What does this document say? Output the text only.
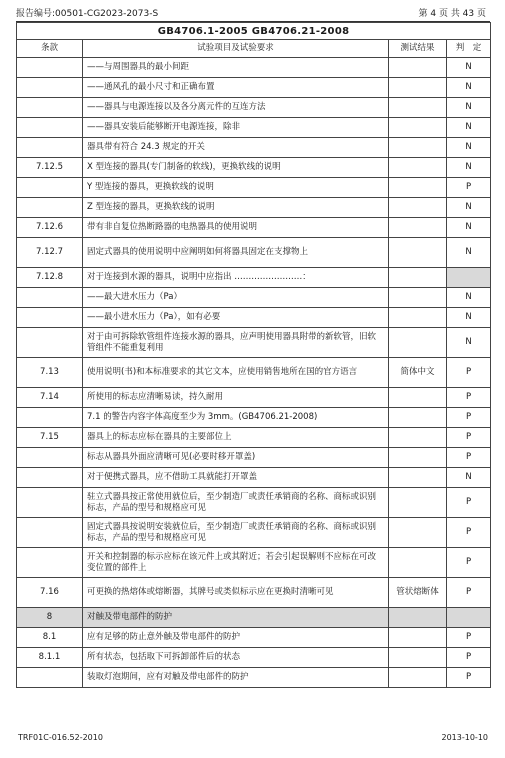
报告编号:00501-CG2023-2073-S	第 4 页 共 43 页
GB4706.1-2005 GB4706.21-2008			
条款	试验项目及试验要求	测试结果	判　定
	——与周围器具的最小间距		N
	——通风孔的最小尺寸和正确布置		N
	——器具与电源连接以及各分离元件的互连方法		N
	——器具安装后能够断开电源连接，除非		N
	器具带有符合 24.3 规定的开关		N
7.12.5	X 型连接的器具(专门制备的软线)，更换软线的说明		N
	Y 型连接的器具，更换软线的说明		P
	Z 型连接的器具，更换软线的说明		N
7.12.6	带有非自复位热断路器的电热器具的使用说明		N
7.12.7	固定式器具的使用说明中应阐明如何将器具固定在支撑物上		N
7.12.8	对于连接到水源的器具，说明中应指出 ……………………：		
	——最大进水压力（Pa）		N
	——最小进水压力（Pa），如有必要		N
	对于由可拆除软管组件连接水源的器具，应声明使用器具附带的新软管，旧软管组件不能重复利用		N
7.13	使用说明(书)和本标准要求的其它文本，应使用销售地所在国的官方语言	简体中文	P
7.14	所使用的标志应清晰易读，持久耐用		P
	7.1 的警告内容字体高度至少为 3mm。(GB4706.21-2008)		P
7.15	器具上的标志应标在器具的主要部位上		P
	标志从器具外面应清晰可见(必要时移开罩盖)		P
	对于便携式器具，应不借助工具就能打开罩盖		N
	驻立式器具按正常使用就位后，至少制造厂或责任承销商的名称、商标或识别标志，产品的型号和规格应可见		P
	固定式器具按说明安装就位后，至少制造厂或责任承销商的名称、商标或识别标志，产品的型号和规格应可见		P
	开关和控制器的标示应标在该元件上或其附近；若会引起误解则不应标在可改变位置的部件上		P
7.16	可更换的热熔体或熔断器，其牌号或类似标示应在更换时清晰可见	管状熔断体	P
8	对触及带电部件的防护		
8.1	应有足够的防止意外触及带电部件的防护		P
8.1.1	所有状态，包括取下可拆卸部件后的状态		P
	装取灯泡期间，应有对触及带电部件的防护		P
TRF01C-016.52-2010	2013-10-10
